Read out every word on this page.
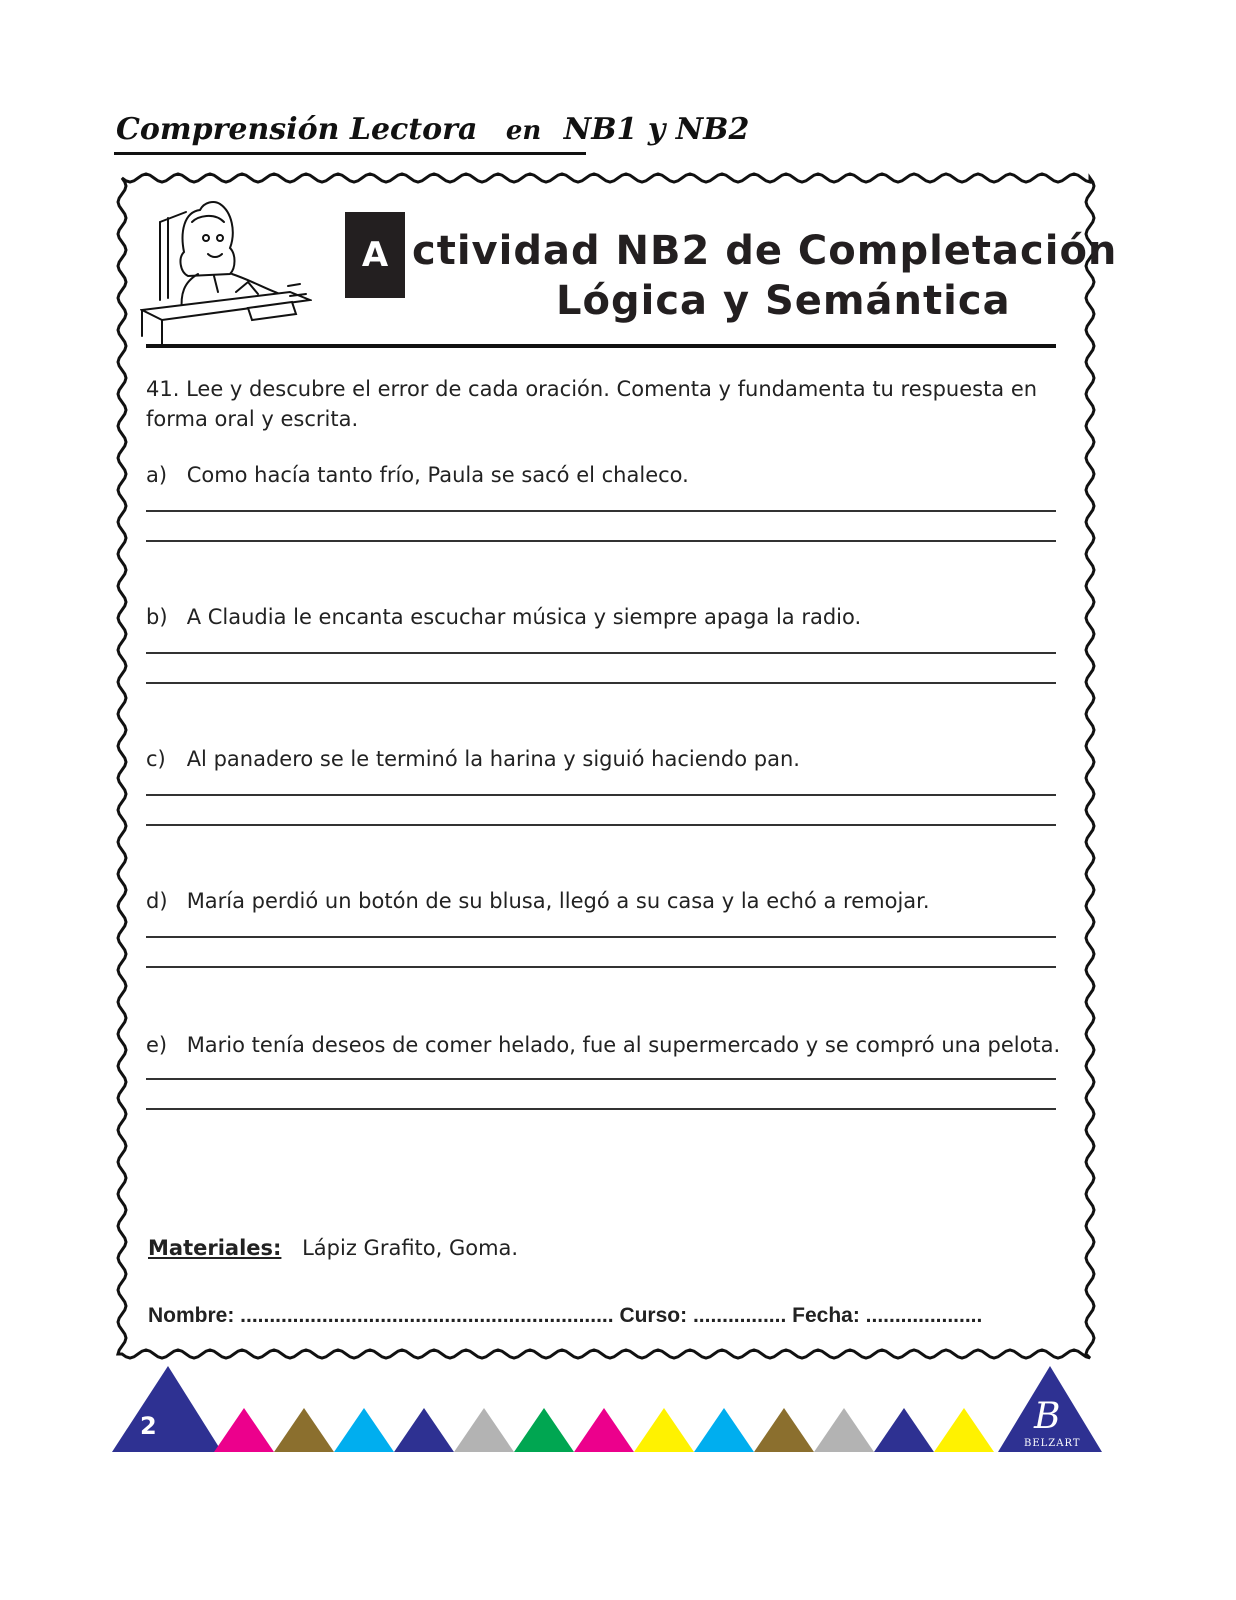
Comprensión Lectora en NB1 y NB2
A ctividad NB2 de Completación
Lógica y Semántica
41. Lee y descubre el error de cada oración. Comenta y fundamenta tu respuesta en forma oral y escrita.
a) Como hacía tanto frío, Paula se sacó el chaleco.
b) A Claudia le encanta escuchar música y siempre apaga la radio.
c) Al panadero se le terminó la harina y siguió haciendo pan.
d) María perdió un botón de su blusa, llegó a su casa y la echó a remojar.
e) Mario tenía deseos de comer helado, fue al supermercado y se compró una pelota.
Materiales: Lápiz Grafito, Goma.
Nombre: ................................................................ Curso: ................ Fecha: ....................
2	B
BELZART
